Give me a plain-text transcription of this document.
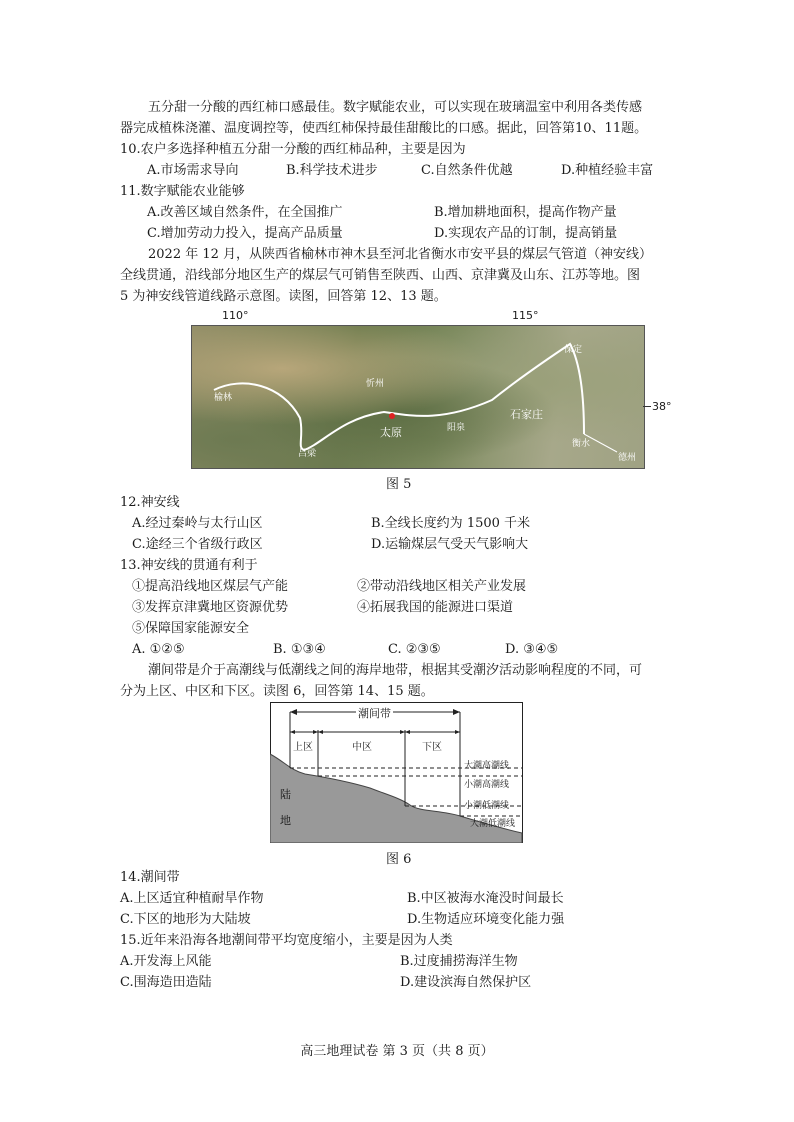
五分甜一分酸的西红柿口感最佳。数字赋能农业，可以实现在玻璃温室中利用各类传感
器完成植株浇灌、温度调控等，使西红柿保持最佳甜酸比的口感。据此，回答第10、11题。
10.农户多选择种植五分甜一分酸的西红柿品种，主要是因为
A.市场需求导向	B.科学技术进步	C.自然条件优越	D.种植经验丰富
11.数字赋能农业能够
A.改善区域自然条件，在全国推广	B.增加耕地面积，提高作物产量
C.增加劳动力投入，提高产品质量	D.实现农产品的订制，提高销量
2022 年 12 月，从陕西省榆林市神木县至河北省衡水市安平县的煤层气管道（神安线）
全线贯通，沿线部分地区生产的煤层气可销售至陕西、山西、京津冀及山东、江苏等地。图
5 为神安线管道线路示意图。读图，回答第 12、13 题。
110°	115°
榆林
忻州
吕梁
太原	阳泉
石家庄
保定
衡水
德州
38°
图 5
12.神安线
A.经过秦岭与太行山区	B.全线长度约为 1500 千米
C.途经三个省级行政区	D.运输煤层气受天气影响大
13.神安线的贯通有利于
①提高沿线地区煤层气产能	②带动沿线地区相关产业发展
③发挥京津冀地区资源优势	④拓展我国的能源进口渠道
⑤保障国家能源安全
A. ①②⑤	B. ①③④	C. ②③⑤	D. ③④⑤
潮间带是介于高潮线与低潮线之间的海岸地带，根据其受潮汐活动影响程度的不同，可
分为上区、中区和下区。读图 6，回答第 14、15 题。
潮间带
上区	中区	下区
大潮高潮线
小潮高潮线
小潮低潮线
大潮低潮线
陆
地
图 6
14.潮间带
A.上区适宜种植耐旱作物	B.中区被海水淹没时间最长
C.下区的地形为大陆坡	D.生物适应环境变化能力强
15.近年来沿海各地潮间带平均宽度缩小，主要是因为人类
A.开发海上风能	B.过度捕捞海洋生物
C.围海造田造陆	D.建设滨海自然保护区
高三地理试卷 第 3 页（共 8 页）
